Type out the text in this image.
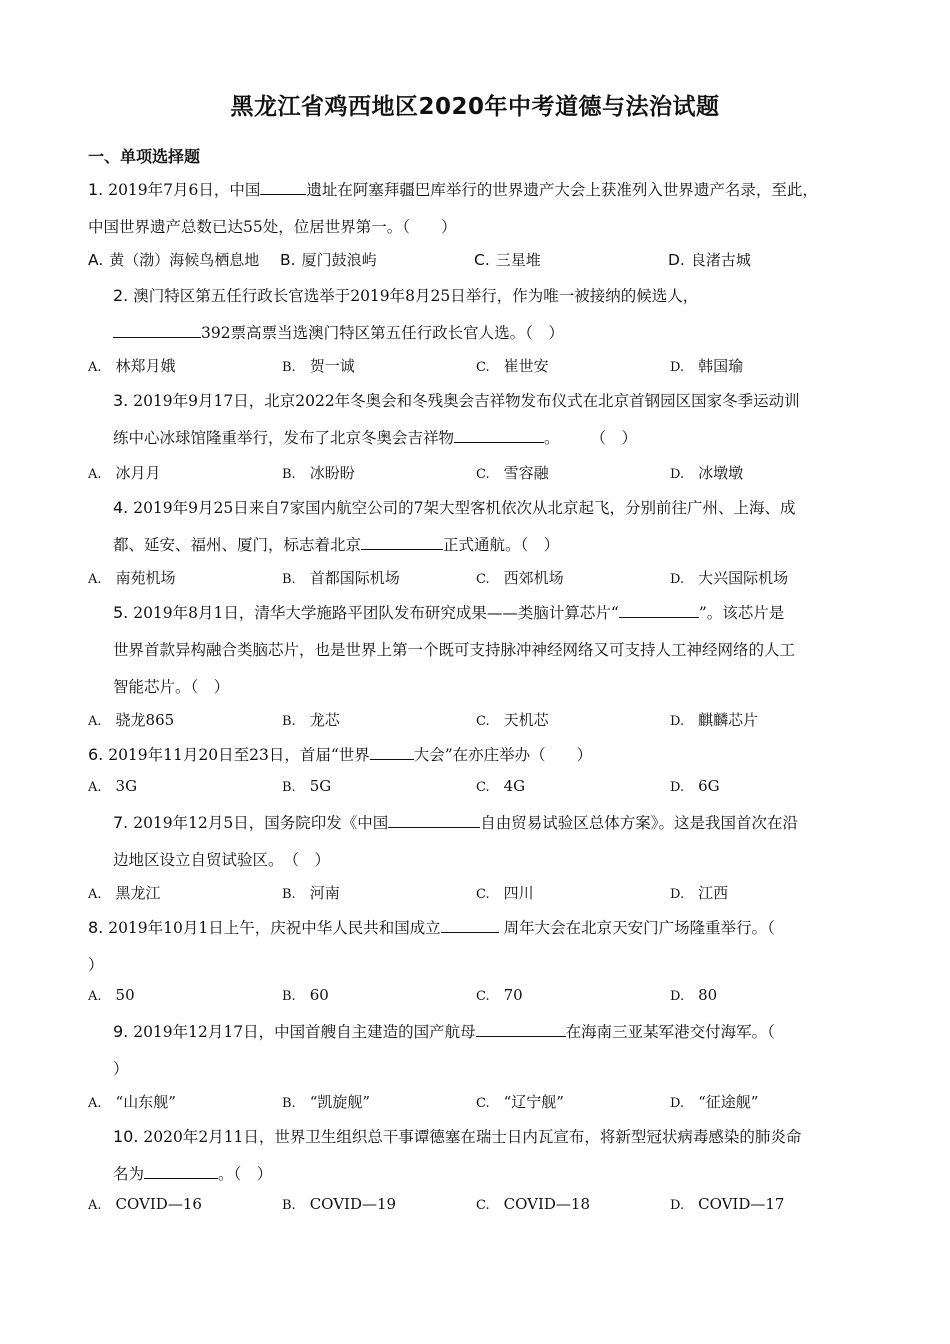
黑龙江省鸡西地区2020年中考道德与法治试题
一、单项选择题
1. 2019年7月6日，中国	遗址在阿塞拜疆巴库举行的世界遗产大会上获准列入世界遗产名录，至此，
中国世界遗产总数已达55处，位居世界第一。（　　）
A. 黄（渤）海候鸟栖息地 B. 厦门鼓浪屿	C. 三星堆	D. 良渚古城
2. 澳门特区第五任行政长官选举于2019年8月25日举行，作为唯一被接纳的候选人，
392票高票当选澳门特区第五任行政长官人选。（　）
A. 林郑月娥	B. 贺一诚	C. 崔世安	D. 韩国瑜
3. 2019年9月17日，北京2022年冬奥会和冬残奥会吉祥物发布仪式在北京首钢园区国家冬季运动训
练中心冰球馆隆重举行，发布了北京冬奥会吉祥物	。　　　（　）
A. 冰月月	B. 冰盼盼	C. 雪容融	D. 冰墩墩
4. 2019年9月25日来自7家国内航空公司的7架大型客机依次从北京起飞，分别前往广州、上海、成
都、延安、福州、厦门，标志着北京	正式通航。（　）
A. 南苑机场	B. 首都国际机场	C. 西郊机场	D. 大兴国际机场
5. 2019年8月1日，清华大学施路平团队发布研究成果——类脑计算芯片“	”。该芯片是
世界首款异构融合类脑芯片，也是世界上第一个既可支持脉冲神经网络又可支持人工神经网络的人工
智能芯片。（　）
A. 骁龙865	B. 龙芯	C. 天机芯	D. 麒麟芯片
6. 2019年11月20日至23日，首届“世界	大会”在亦庄举办（　　）
A. 3G	B. 5G	C. 4G	D. 6G
7. 2019年12月5日，国务院印发《中国	自由贸易试验区总体方案》。这是我国首次在沿
边地区设立自贸试验区。　（　）
A. 黑龙江	B. 河南	C. 四川	D. 江西
8. 2019年10月1日上午，庆祝中华人民共和国成立	周年大会在北京天安门广场隆重举行。（
）
A. 50	B. 60	C. 70	D. 80
9. 2019年12月17日，中国首艘自主建造的国产航母	在海南三亚某军港交付海军。（
）
A. “山东舰”	B. “凯旋舰”	C. “辽宁舰”	D. “征途舰”
10. 2020年2月11日，世界卫生组织总干事谭德塞在瑞士日内瓦宣布，将新型冠状病毒感染的肺炎命
名为	。（　）
A. COVID—16	B. COVID—19	C. COVID—18	D. COVID—17
